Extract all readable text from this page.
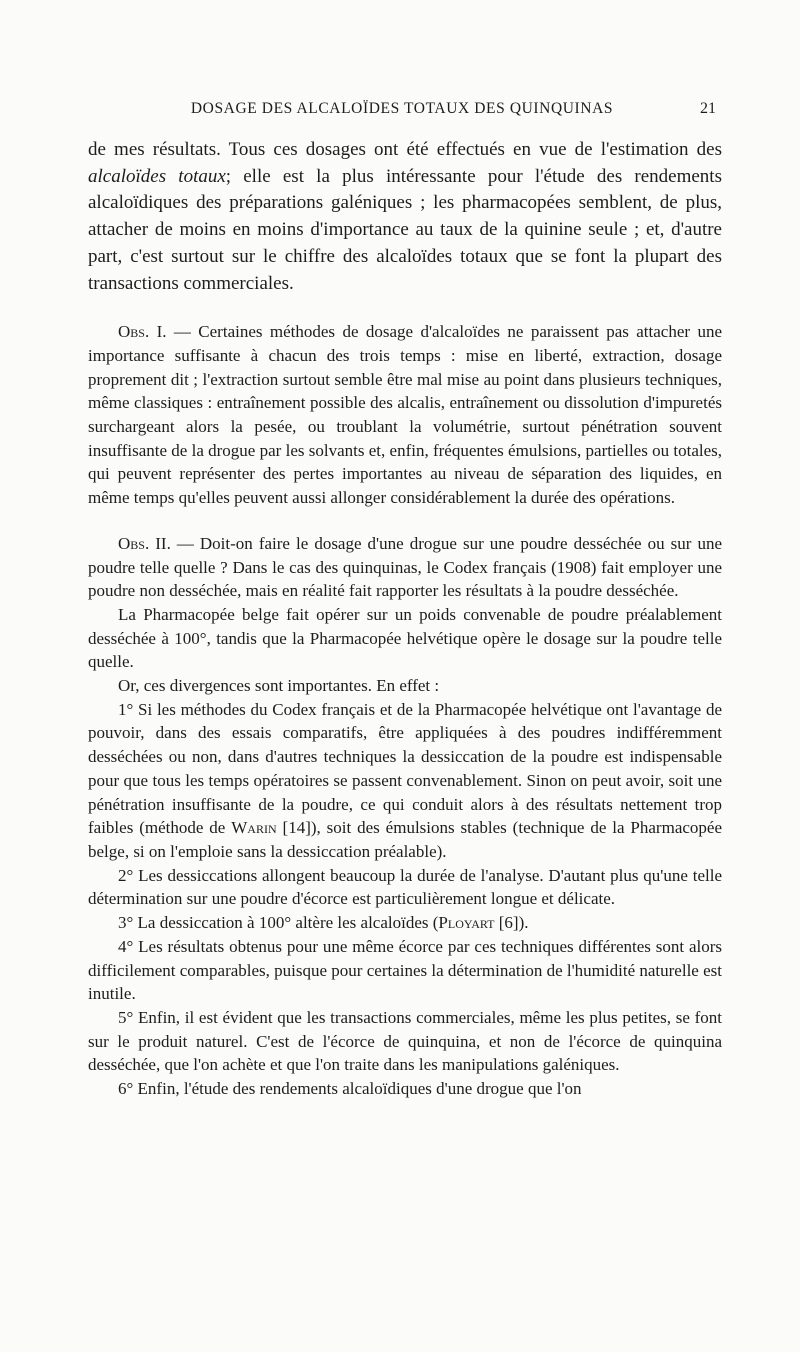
DOSAGE DES ALCALOÏDES TOTAUX DES QUINQUINAS	21

de mes résultats. Tous ces dosages ont été effectués en vue de l'estimation des alcaloïdes totaux; elle est la plus intéressante pour l'étude des rendements alcaloïdiques des préparations galéniques ; les pharmacopées semblent, de plus, attacher de moins en moins d'importance au taux de la quinine seule ; et, d'autre part, c'est surtout sur le chiffre des alcaloïdes totaux que se font la plupart des transactions commerciales.

Obs. I. — Certaines méthodes de dosage d'alcaloïdes ne paraissent pas attacher une importance suffisante à chacun des trois temps : mise en liberté, extraction, dosage proprement dit ; l'extraction surtout semble être mal mise au point dans plusieurs techniques, même classiques : entraînement possible des alcalis, entraînement ou dissolution d'impuretés surchargeant alors la pesée, ou troublant la volumétrie, surtout pénétration souvent insuffisante de la drogue par les solvants et, enfin, fréquentes émulsions, partielles ou totales, qui peuvent représenter des pertes importantes au niveau de séparation des liquides, en même temps qu'elles peuvent aussi allonger considérablement la durée des opérations.

Obs. II. — Doit-on faire le dosage d'une drogue sur une poudre desséchée ou sur une poudre telle quelle ? Dans le cas des quinquinas, le Codex français (1908) fait employer une poudre non desséchée, mais en réalité fait rapporter les résultats à la poudre desséchée.

La Pharmacopée belge fait opérer sur un poids convenable de poudre préalablement desséchée à 100°, tandis que la Pharmacopée helvétique opère le dosage sur la poudre telle quelle.

Or, ces divergences sont importantes. En effet :

1° Si les méthodes du Codex français et de la Pharmacopée helvétique ont l'avantage de pouvoir, dans des essais comparatifs, être appliquées à des poudres indifféremment desséchées ou non, dans d'autres techniques la dessiccation de la poudre est indispensable pour que tous les temps opératoires se passent convenablement. Sinon on peut avoir, soit une pénétration insuffisante de la poudre, ce qui conduit alors à des résultats nettement trop faibles (méthode de Warin [14]), soit des émulsions stables (technique de la Pharmacopée belge, si on l'emploie sans la dessiccation préalable).

2° Les dessiccations allongent beaucoup la durée de l'analyse. D'autant plus qu'une telle détermination sur une poudre d'écorce est particulièrement longue et délicate.

3° La dessiccation à 100° altère les alcaloïdes (Ployart [6]).

4° Les résultats obtenus pour une même écorce par ces techniques différentes sont alors difficilement comparables, puisque pour certaines la détermination de l'humidité naturelle est inutile.

5° Enfin, il est évident que les transactions commerciales, même les plus petites, se font sur le produit naturel. C'est de l'écorce de quinquina, et non de l'écorce de quinquina desséchée, que l'on achète et que l'on traite dans les manipulations galéniques.

6° Enfin, l'étude des rendements alcaloïdiques d'une drogue que l'on
